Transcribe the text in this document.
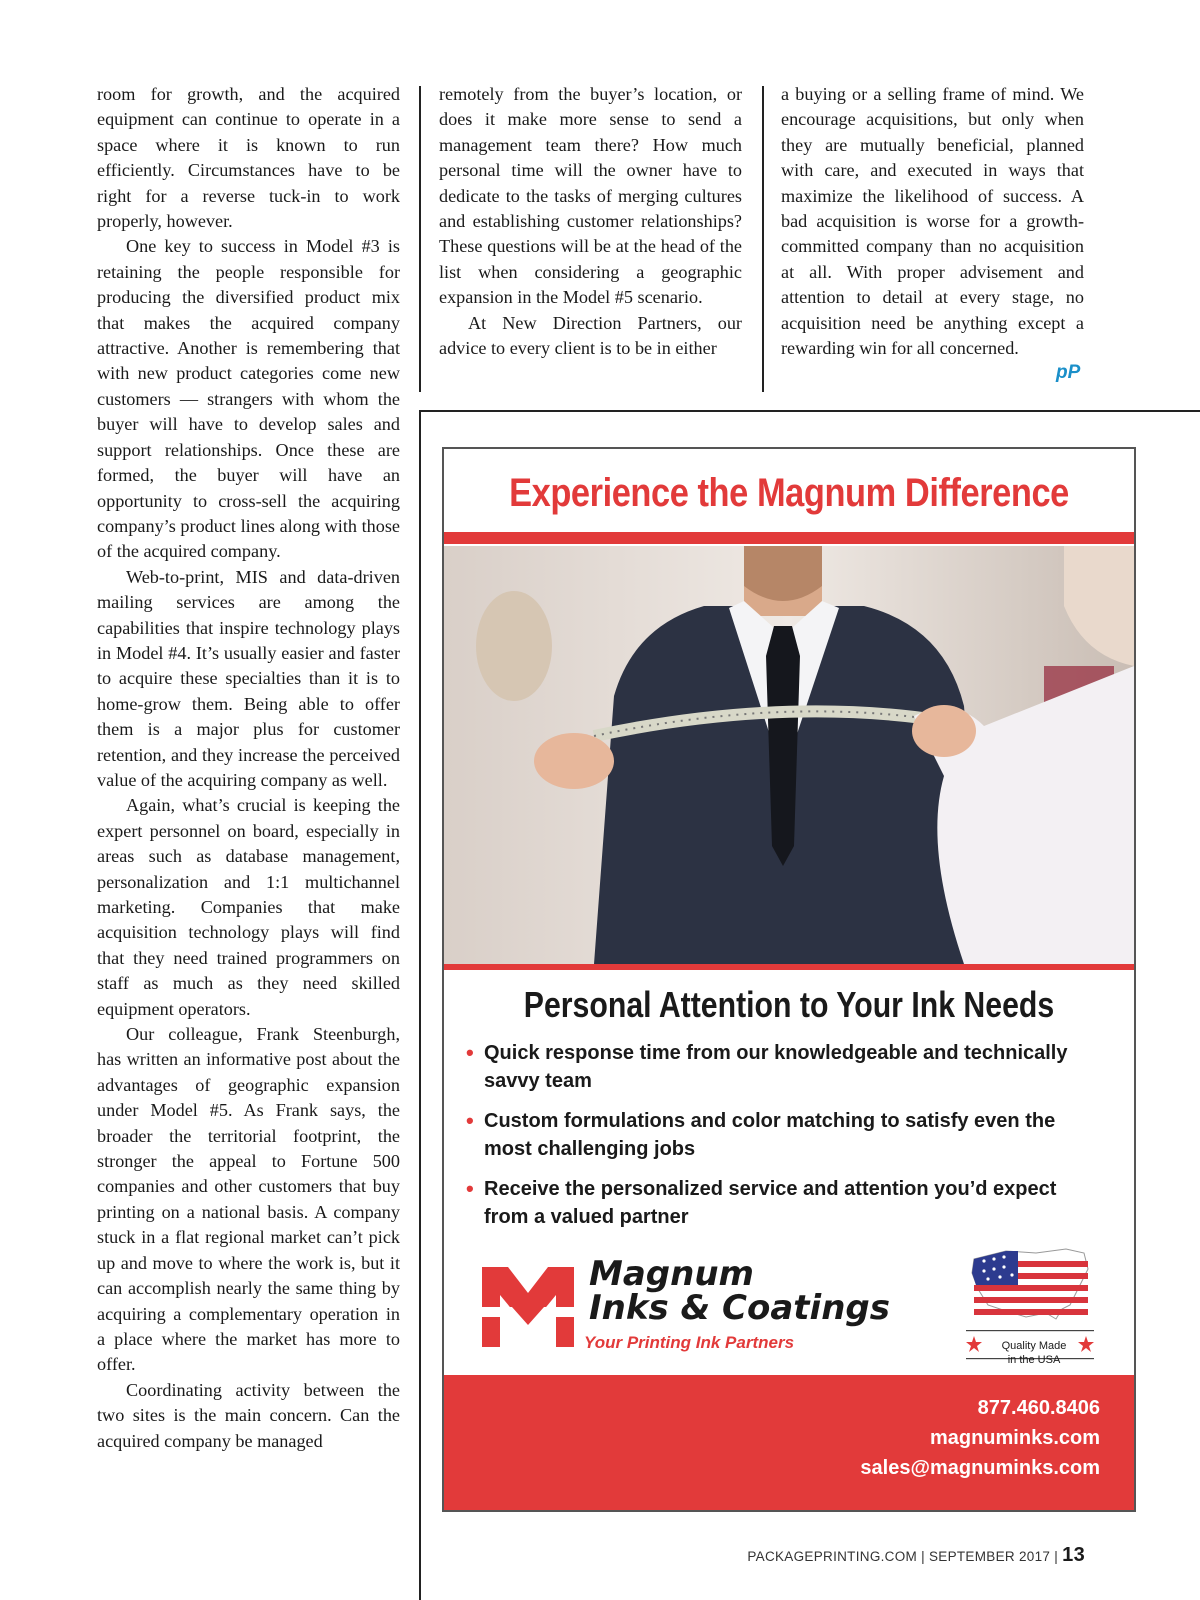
room for growth, and the acquired equipment can continue to operate in a space where it is known to run efficiently. Circumstances have to be right for a reverse tuck-in to work properly, however.

One key to success in Model #3 is retaining the people responsible for producing the diversified product mix that makes the acquired company attractive. Another is remembering that with new product categories come new customers — strangers with whom the buyer will have to develop sales and support relationships. Once these are formed, the buyer will have an opportunity to cross-sell the acquiring company’s product lines along with those of the acquired company.

Web-to-print, MIS and data-driven mailing services are among the capabilities that inspire technology plays in Model #4. It’s usually easier and faster to acquire these specialties than it is to home-grow them. Being able to offer them is a major plus for customer retention, and they increase the perceived value of the acquiring company as well.

Again, what’s crucial is keeping the expert personnel on board, especially in areas such as database management, personalization and 1:1 multichannel marketing. Companies that make acquisition technology plays will find that they need trained programmers on staff as much as they need skilled equipment operators.

Our colleague, Frank Steenburgh, has written an informative post about the advantages of geographic expansion under Model #5. As Frank says, the broader the territorial footprint, the stronger the appeal to Fortune 500 companies and other customers that buy printing on a national basis. A company stuck in a flat regional market can’t pick up and move to where the work is, but it can accomplish nearly the same thing by acquiring a complementary operation in a place where the market has more to offer.

Coordinating activity between the two sites is the main concern. Can the acquired company be managed

remotely from the buyer’s location, or does it make more sense to send a management team there? How much personal time will the owner have to dedicate to the tasks of merging cultures and establishing customer relationships? These questions will be at the head of the list when considering a geographic expansion in the Model #5 scenario.

At New Direction Partners, our advice to every client is to be in either

a buying or a selling frame of mind. We encourage acquisitions, but only when they are mutually beneficial, planned with care, and executed in ways that maximize the likelihood of success. A bad acquisition is worse for a growth-committed company than no acquisition at all. With proper advisement and attention to detail at every stage, no acquisition need be anything except a rewarding win for all concerned.

pP
Experience the Magnum Difference
Personal Attention to Your Ink Needs
• Quick response time from our knowledgeable and technically savvy team
• Custom formulations and color matching to satisfy even the most challenging jobs
• Receive the personalized service and attention you’d expect from a valued partner
Magnum
Inks & Coatings
Your Printing Ink Partners	Quality Made
in the USA
877.460.8406
magnuminks.com
sales@magnuminks.com
PACKAGEPRINTING.COM | SEPTEMBER 2017 | 13
